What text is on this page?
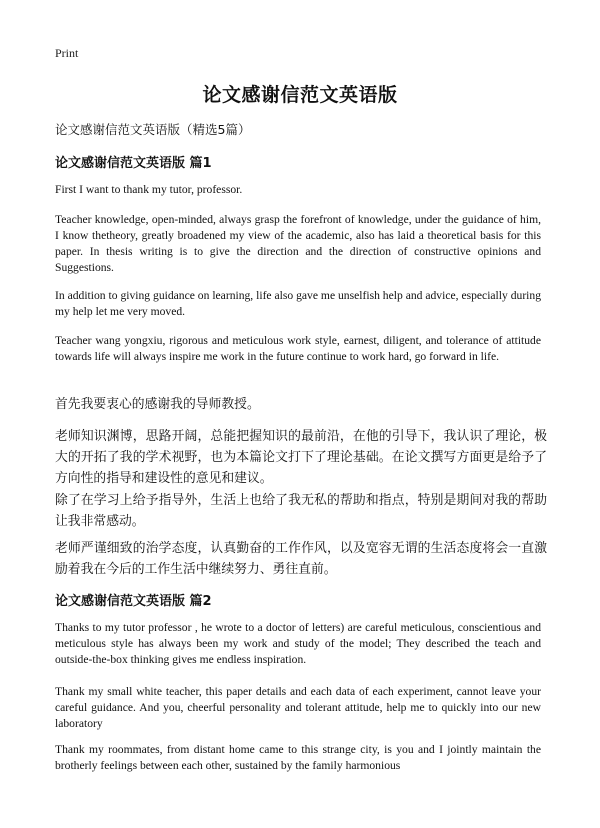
Print
论文感谢信范文英语版
论文感谢信范文英语版（精选5篇）
论文感谢信范文英语版 篇1

First I want to thank my tutor, professor.

Teacher knowledge, open-minded, always grasp the forefront of knowledge, under the guidance of him, I know thetheory, greatly broadened my view of the academic, also has laid a theoretical basis for this paper. In thesis writing is to give the direction and the direction of constructive opinions and Suggestions.

In addition to giving guidance on learning, life also gave me unselfish help and advice, especially during my help let me very moved.

Teacher wang yongxiu, rigorous and meticulous work style, earnest, diligent, and tolerance of attitude towards life will always inspire me work in the future continue to work hard, go forward in life.

首先我要衷心的感谢我的导师教授。

老师知识渊博，思路开阔，总能把握知识的最前沿，在他的引导下，我认识了理论，极大的开拓了我的学术视野，也为本篇论文打下了理论基础。在论文撰写方面更是给予了方向性的指导和建设性的意见和建议。

除了在学习上给予指导外，生活上也给了我无私的帮助和指点，特别是期间对我的帮助让我非常感动。

老师严谨细致的治学态度，认真勤奋的工作作风，以及宽容无谓的生活态度将会一直激励着我在今后的工作生活中继续努力、勇往直前。

论文感谢信范文英语版 篇2

Thanks to my tutor professor , he wrote to a doctor of letters) are careful meticulous, conscientious and meticulous style has always been my work and study of the model; They described the teach and outside-the-box thinking gives me endless inspiration.

Thank my small white teacher, this paper details and each data of each experiment, cannot leave your careful guidance. And you, cheerful personality and tolerant attitude, help me to quickly into our new laboratory

Thank my roommates, from distant home came to this strange city, is you and I jointly maintain the brotherly feelings between each other, sustained by the family harmonious
